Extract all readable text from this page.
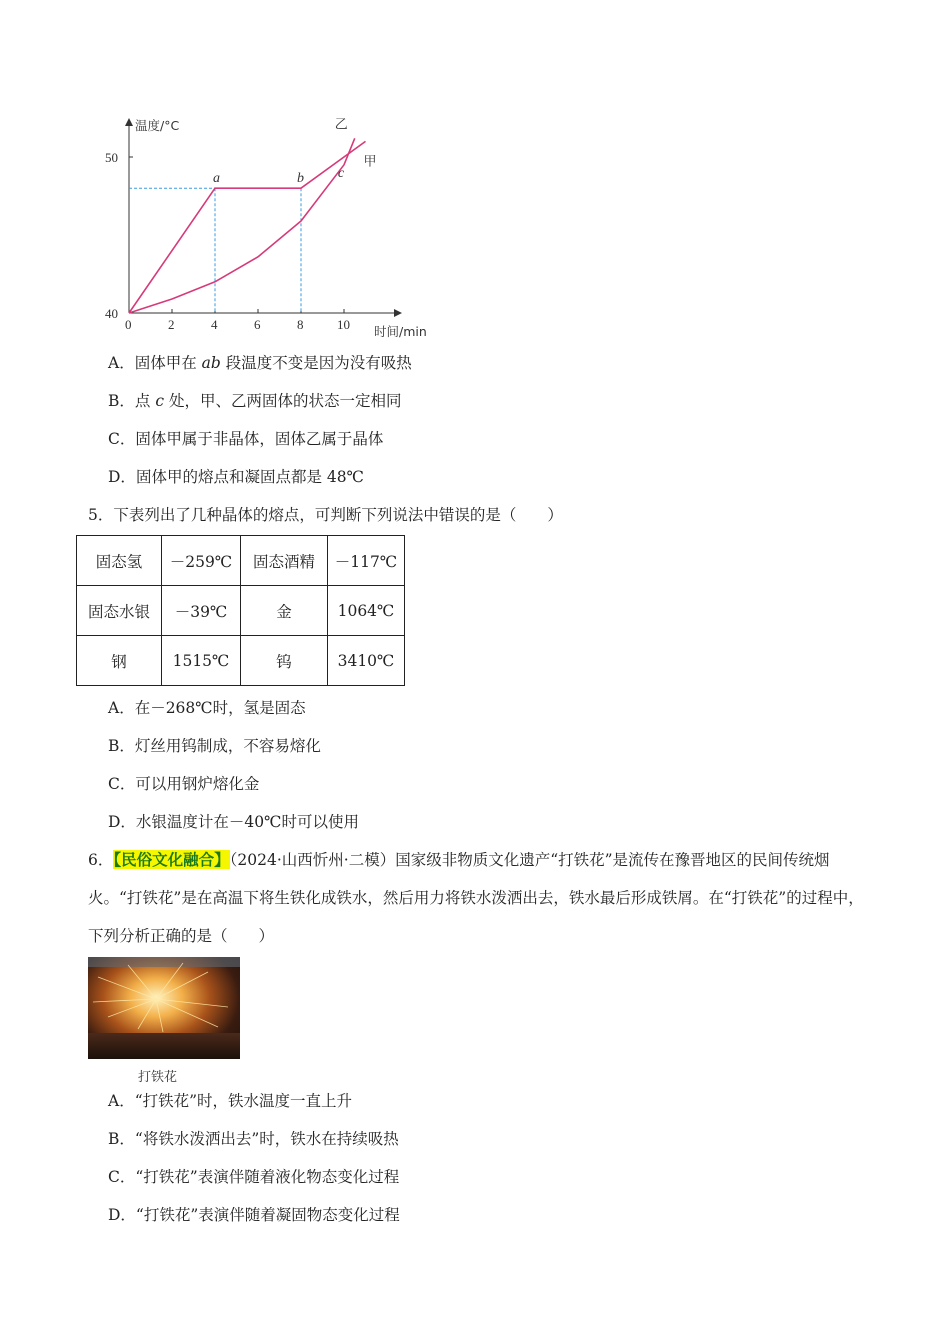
0	2	4	6	8	10
40
50
温度/°C
时间/min
乙
甲
a	b c
A．固体甲在 ab 段温度不变是因为没有吸热
B．点 c 处，甲、乙两固体的状态一定相同
C．固体甲属于非晶体，固体乙属于晶体
D．固体甲的熔点和凝固点都是 48℃
5．下表列出了几种晶体的熔点，可判断下列说法中错误的是（　　）
固态氢	－259℃	固态酒精	－117℃
固态水银	－39℃	金	1064℃
钢	1515℃	钨	3410℃
A．在－268℃时，氢是固态
B．灯丝用钨制成，不容易熔化
C．可以用钢炉熔化金
D．水银温度计在－40℃时可以使用
6．【民俗文化融合】（2024·山西忻州·二模）国家级非物质文化遗产“打铁花”是流传在豫晋地区的民间传统烟火。“打铁花”是在高温下将生铁化成铁水，然后用力将铁水泼洒出去，铁水最后形成铁屑。在“打铁花”的过程中，下列分析正确的是（　　）
打铁花
A．“打铁花”时，铁水温度一直上升
B．“将铁水泼洒出去”时，铁水在持续吸热
C．“打铁花”表演伴随着液化物态变化过程
D．“打铁花”表演伴随着凝固物态变化过程
